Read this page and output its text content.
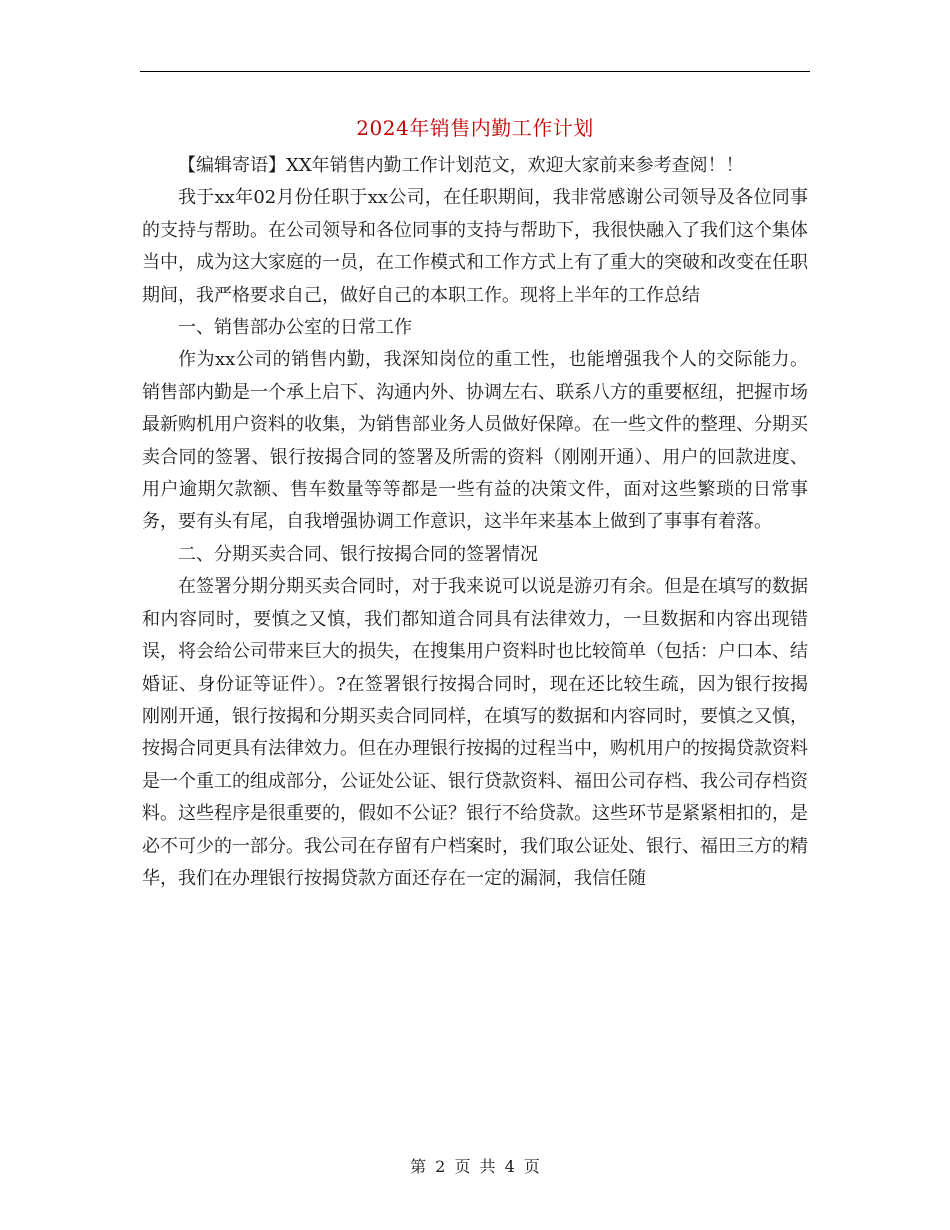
2024年销售内勤工作计划

【编辑寄语】XX年销售内勤工作计划范文，欢迎大家前来参考查阅！！

我于xx年02月份任职于xx公司，在任职期间，我非常感谢公司领导及各位同事的支持与帮助。在公司领导和各位同事的支持与帮助下，我很快融入了我们这个集体当中，成为这大家庭的一员，在工作模式和工作方式上有了重大的突破和改变在任职期间，我严格要求自己，做好自己的本职工作。现将上半年的工作总结

一、销售部办公室的日常工作

作为xx公司的销售内勤，我深知岗位的重工性，也能增强我个人的交际能力。销售部内勤是一个承上启下、沟通内外、协调左右、联系八方的重要枢纽，把握市场最新购机用户资料的收集，为销售部业务人员做好保障。在一些文件的整理、分期买卖合同的签署、银行按揭合同的签署及所需的资料（刚刚开通）、用户的回款进度、用户逾期欠款额、售车数量等等都是一些有益的决策文件，面对这些繁琐的日常事务，要有头有尾，自我增强协调工作意识，这半年来基本上做到了事事有着落。

二、分期买卖合同、银行按揭合同的签署情况

在签署分期分期买卖合同时，对于我来说可以说是游刃有余。但是在填写的数据和内容同时，要慎之又慎，我们都知道合同具有法律效力，一旦数据和内容出现错误，将会给公司带来巨大的损失，在搜集用户资料时也比较简单（包括：户口本、结婚证、身份证等证件）。?在签署银行按揭合同时，现在还比较生疏，因为银行按揭刚刚开通，银行按揭和分期买卖合同同样，在填写的数据和内容同时，要慎之又慎，按揭合同更具有法律效力。但在办理银行按揭的过程当中，购机用户的按揭贷款资料是一个重工的组成部分，公证处公证、银行贷款资料、福田公司存档、我公司存档资料。这些程序是很重要的，假如不公证？银行不给贷款。这些环节是紧紧相扣的，是必不可少的一部分。我公司在存留有户档案时，我们取公证处、银行、福田三方的精华，我们在办理银行按揭贷款方面还存在一定的漏洞，我信任随

第 2 页 共 4 页
